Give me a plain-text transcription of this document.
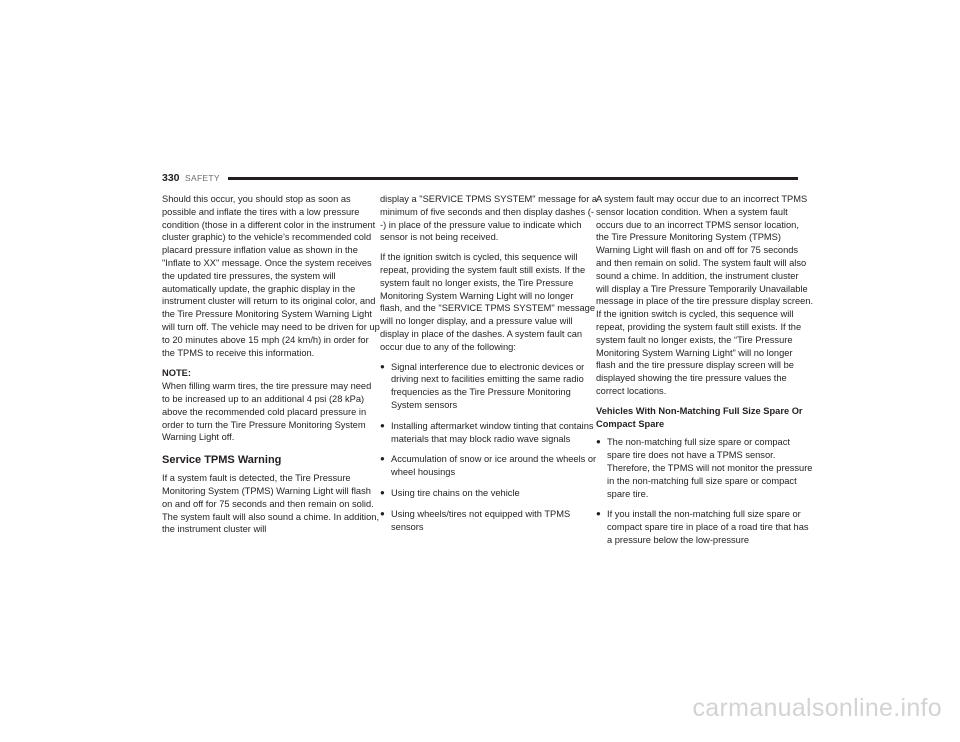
330 SAFETY

Should this occur, you should stop as soon as possible and inflate the tires with a low pressure condition (those in a different color in the instrument cluster graphic) to the vehicle’s recommended cold placard pressure inflation value as shown in the "Inflate to XX" message. Once the system receives the updated tire pressures, the system will automatically update, the graphic display in the instrument cluster will return to its original color, and the Tire Pressure Monitoring System Warning Light will turn off. The vehicle may need to be driven for up to 20 minutes above 15 mph (24 km/h) in order for the TPMS to receive this information.

NOTE:

When filling warm tires, the tire pressure may need to be increased up to an additional 4 psi (28 kPa) above the recommended cold placard pressure in order to turn the Tire Pressure Monitoring System Warning Light off.

Service TPMS Warning

If a system fault is detected, the Tire Pressure Monitoring System (TPMS) Warning Light will flash on and off for 75 seconds and then remain on solid. The system fault will also sound a chime. In addition, the instrument cluster will

display a "SERVICE TPMS SYSTEM" message for a minimum of five seconds and then display dashes (--) in place of the pressure value to indicate which sensor is not being received.

If the ignition switch is cycled, this sequence will repeat, providing the system fault still exists. If the system fault no longer exists, the Tire Pressure Monitoring System Warning Light will no longer flash, and the "SERVICE TPMS SYSTEM" message will no longer display, and a pressure value will display in place of the dashes. A system fault can occur due to any of the following:

● Signal interference due to electronic devices or driving next to facilities emitting the same radio frequencies as the Tire Pressure Monitoring System sensors
● Installing aftermarket window tinting that contains materials that may block radio wave signals
● Accumulation of snow or ice around the wheels or wheel housings
● Using tire chains on the vehicle
● Using wheels/tires not equipped with TPMS sensors

A system fault may occur due to an incorrect TPMS sensor location condition. When a system fault occurs due to an incorrect TPMS sensor location, the Tire Pressure Monitoring System (TPMS) Warning Light will flash on and off for 75 seconds and then remain on solid. The system fault will also sound a chime. In addition, the instrument cluster will display a Tire Pressure Temporarily Unavailable message in place of the tire pressure display screen. If the ignition switch is cycled, this sequence will repeat, providing the system fault still exists. If the system fault no longer exists, the “Tire Pressure Monitoring System Warning Light” will no longer flash and the tire pressure display screen will be displayed showing the tire pressure values the correct locations.

Vehicles With Non-Matching Full Size Spare Or Compact Spare
● The non-matching full size spare or compact spare tire does not have a TPMS sensor. Therefore, the TPMS will not monitor the pressure in the non-matching full size spare or compact spare tire.
● If you install the non-matching full size spare or compact spare tire in place of a road tire that has a pressure below the low-pressure
carmanualsonline.info
